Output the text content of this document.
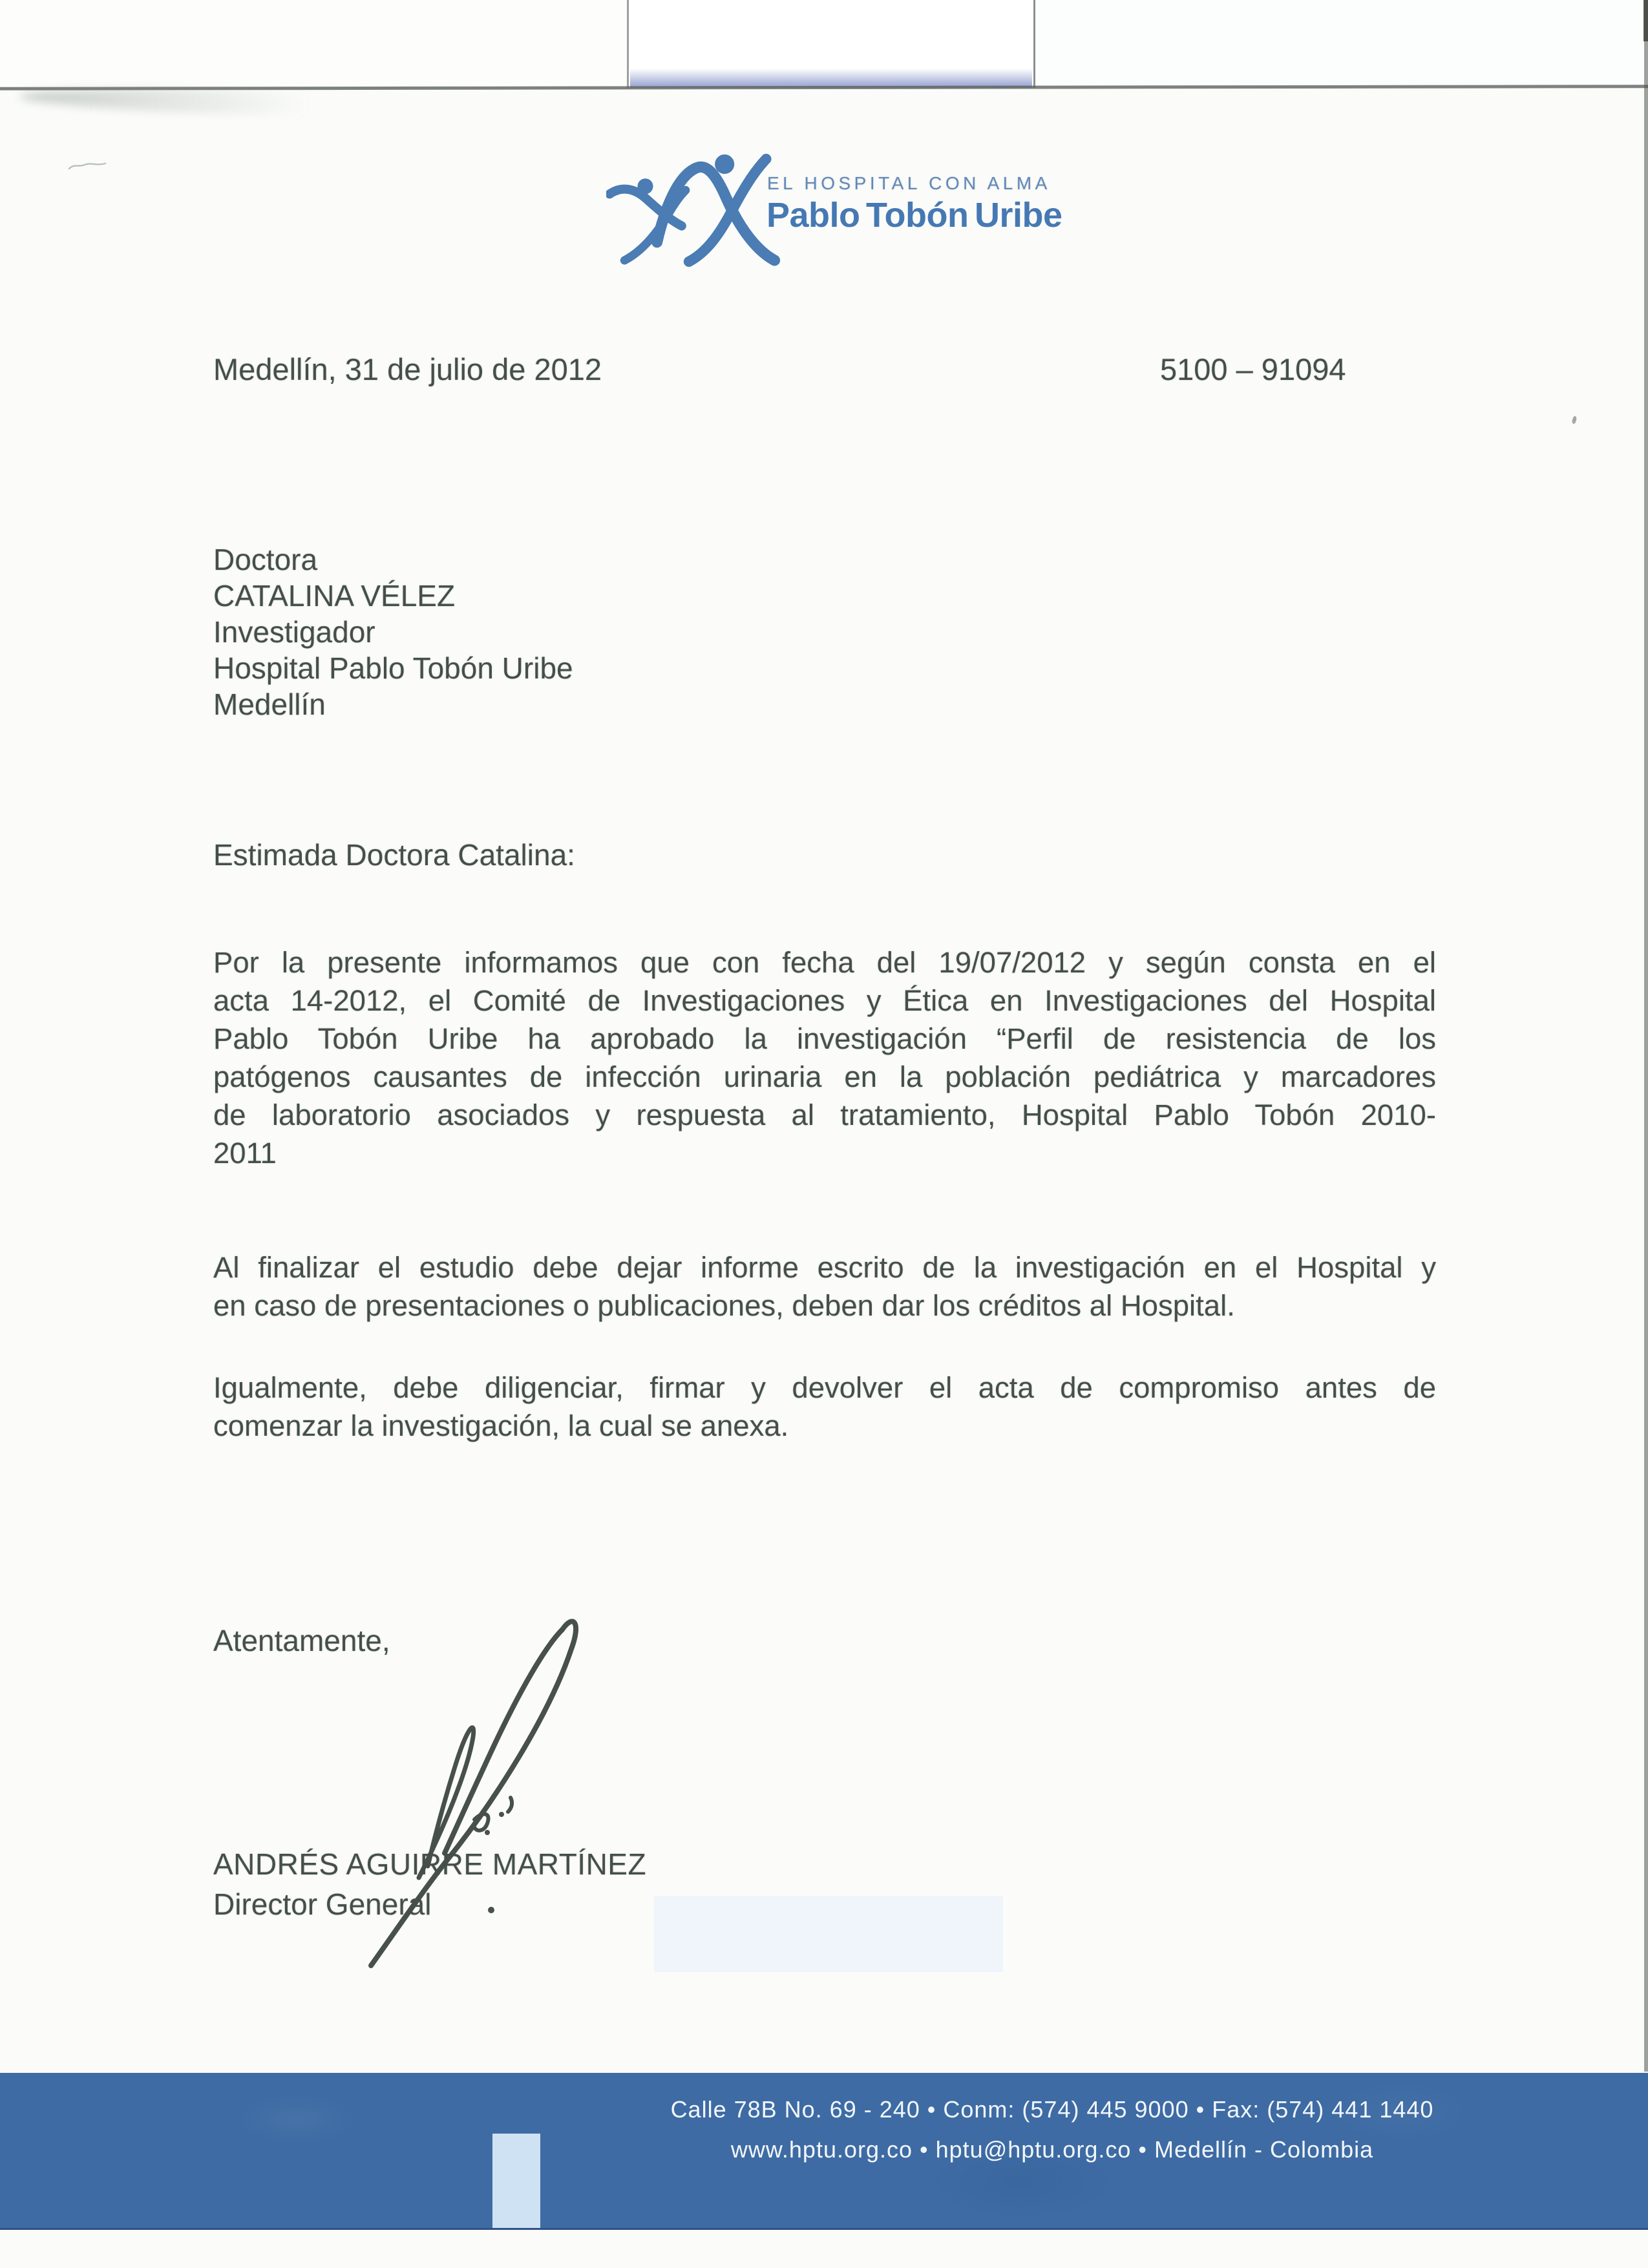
EL HOSPITAL CON ALMA
Pablo Tobón Uribe
Medellín, 31 de julio de 2012	5100 – 91094
Doctora
CATALINA VÉLEZ
Investigador
Hospital Pablo Tobón Uribe
Medellín
Estimada Doctora Catalina:
Por la presente informamos que con fecha del 19/07/2012 y según consta en el
acta 14-2012, el Comité de Investigaciones y Ética en Investigaciones del Hospital
Pablo Tobón Uribe ha aprobado la investigación “Perfil de resistencia de los
patógenos causantes de infección urinaria en la población pediátrica y marcadores
de laboratorio asociados y respuesta al tratamiento, Hospital Pablo Tobón 2010-
2011
Al finalizar el estudio debe dejar informe escrito de la investigación en el Hospital y
en caso de presentaciones o publicaciones, deben dar los créditos al Hospital.
Igualmente, debe diligenciar, firmar y devolver el acta de compromiso antes de
comenzar la investigación, la cual se anexa.
Atentamente,
ANDRÉS AGUIRRE MARTÍNEZ
Director General
Calle 78B No. 69 - 240 • Conm: (574) 445 9000 • Fax: (574) 441 1440
www.hptu.org.co • hptu@hptu.org.co • Medellín - Colombia
